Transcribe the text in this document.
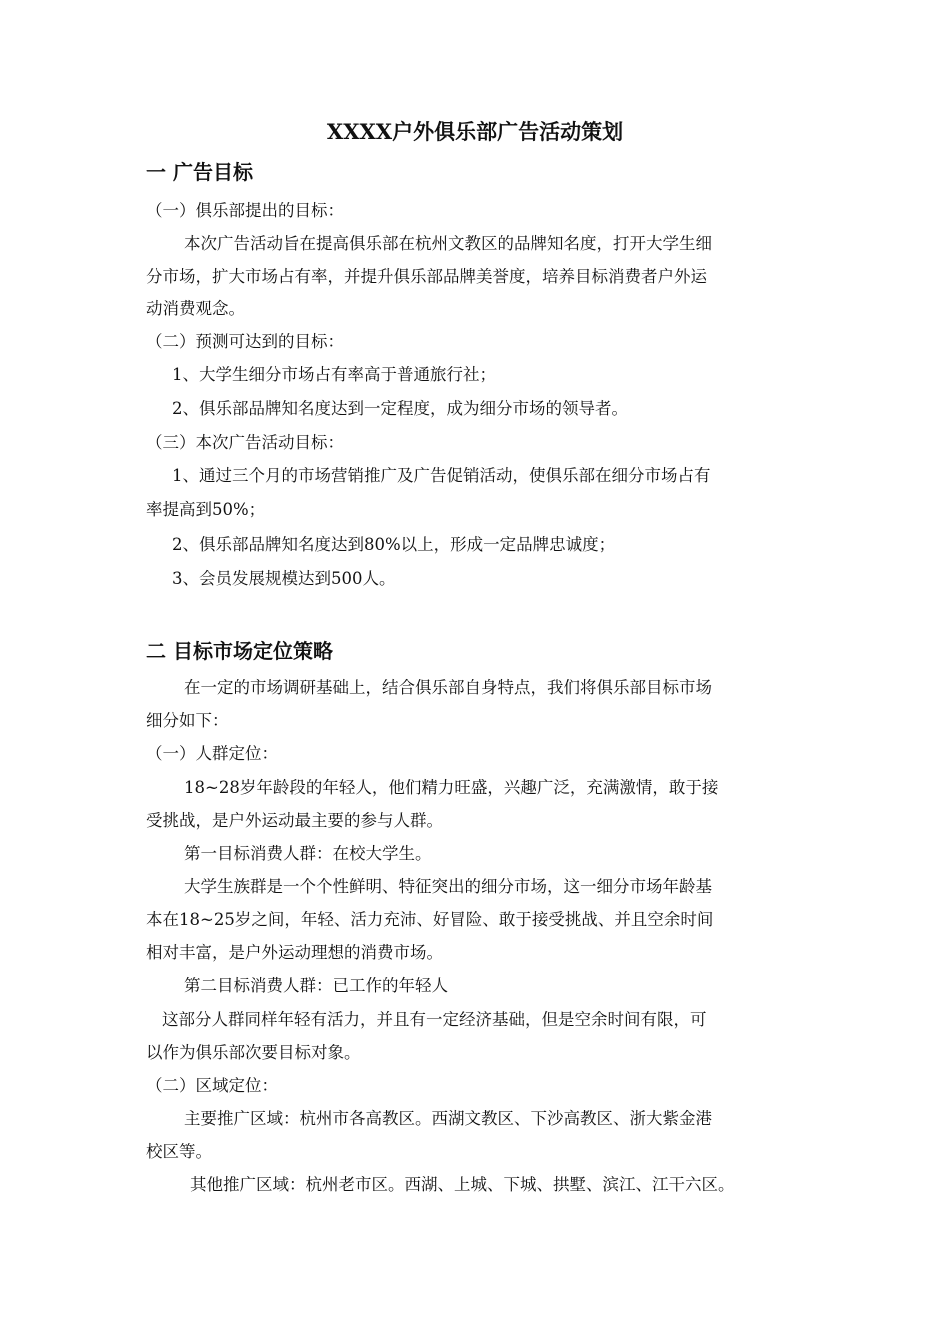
XXXX户外俱乐部广告活动策划
一 广告目标
（一）俱乐部提出的目标：
本次广告活动旨在提高俱乐部在杭州文教区的品牌知名度，打开大学生细
分市场，扩大市场占有率，并提升俱乐部品牌美誉度，培养目标消费者户外运
动消费观念。
（二）预测可达到的目标：
1、大学生细分市场占有率高于普通旅行社；
2、俱乐部品牌知名度达到一定程度，成为细分市场的领导者。
（三）本次广告活动目标：
1、通过三个月的市场营销推广及广告促销活动，使俱乐部在细分市场占有
率提高到50%；
2、俱乐部品牌知名度达到80%以上，形成一定品牌忠诚度；
3、会员发展规模达到500人。
二 目标市场定位策略
在一定的市场调研基础上，结合俱乐部自身特点，我们将俱乐部目标市场
细分如下：
（一）人群定位：
18~28岁年龄段的年轻人，他们精力旺盛，兴趣广泛，充满激情，敢于接
受挑战，是户外运动最主要的参与人群。
第一目标消费人群：在校大学生。
大学生族群是一个个性鲜明、特征突出的细分市场，这一细分市场年龄基
本在18~25岁之间，年轻、活力充沛、好冒险、敢于接受挑战、并且空余时间
相对丰富，是户外运动理想的消费市场。
第二目标消费人群：已工作的年轻人
这部分人群同样年轻有活力，并且有一定经济基础，但是空余时间有限，可
以作为俱乐部次要目标对象。
（二）区域定位：
主要推广区域：杭州市各高教区。西湖文教区、下沙高教区、浙大紫金港
校区等。
其他推广区域：杭州老市区。西湖、上城、下城、拱墅、滨江、江干六区。
